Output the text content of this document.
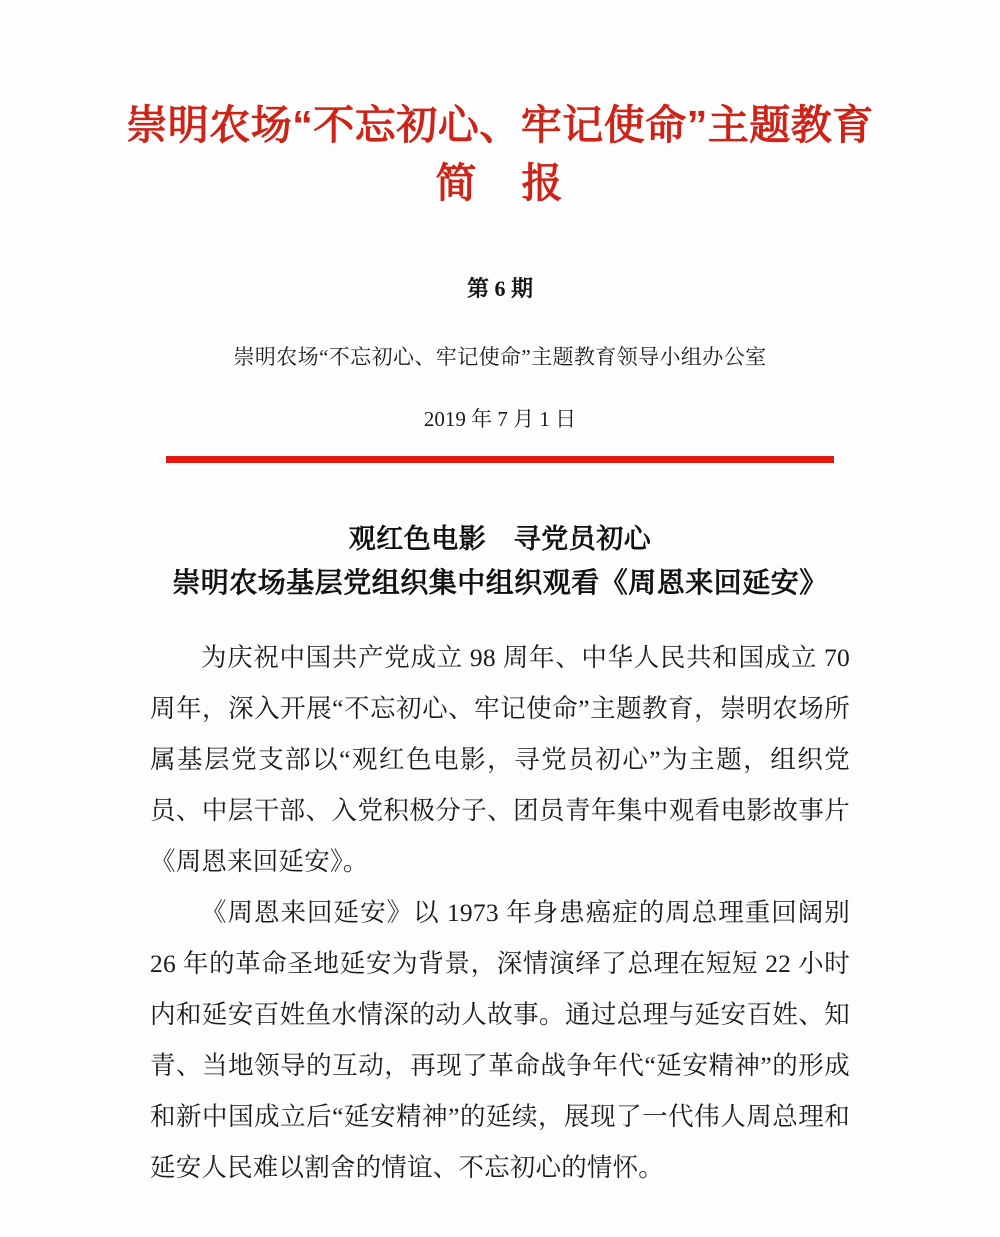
崇明农场“不忘初心、牢记使命”主题教育
简　报
第 6 期
崇明农场“不忘初心、牢记使命”主题教育领导小组办公室
2019 年 7 月 1 日
观红色电影　寻党员初心
崇明农场基层党组织集中组织观看《周恩来回延安》

为庆祝中国共产党成立 98 周年、中华人民共和国成立 70 周年，深入开展“不忘初心、牢记使命”主题教育，崇明农场所属基层党支部以“观红色电影，寻党员初心”为主题，组织党员、中层干部、入党积极分子、团员青年集中观看电影故事片《周恩来回延安》。

《周恩来回延安》以 1973 年身患癌症的周总理重回阔别 26 年的革命圣地延安为背景，深情演绎了总理在短短 22 小时内和延安百姓鱼水情深的动人故事。通过总理与延安百姓、知青、当地领导的互动，再现了革命战争年代“延安精神”的形成和新中国成立后“延安精神”的延续，展现了一代伟人周总理和延安人民难以割舍的情谊、不忘初心的情怀。
